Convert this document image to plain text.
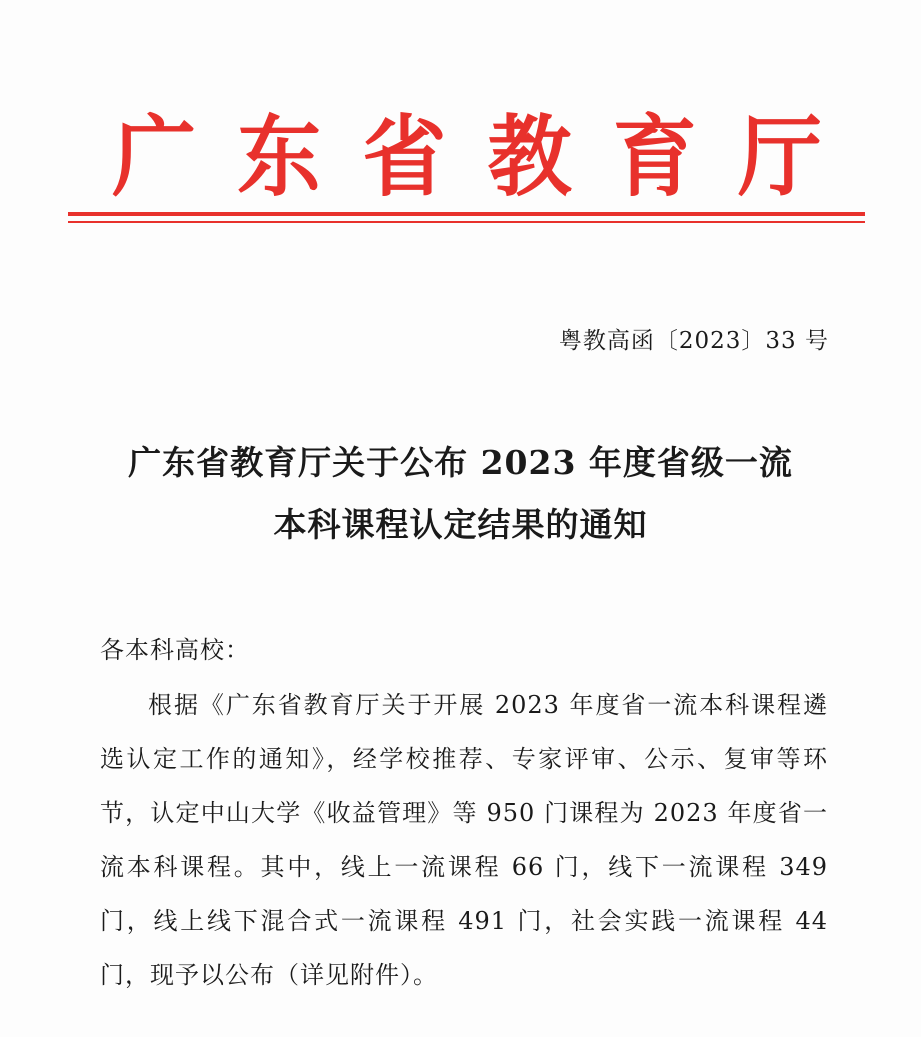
广 东 省 教 育 厅
粤教高函〔2023〕33 号
广东省教育厅关于公布 2023 年度省级一流
本科课程认定结果的通知
各本科高校：
根据《广东省教育厅关于开展 2023 年度省一流本科课程遴选认定工作的通知》，经学校推荐、专家评审、公示、复审等环节，认定中山大学《收益管理》等 950 门课程为 2023 年度省一流本科课程。其中，线上一流课程 66 门，线下一流课程 349 门，线上线下混合式一流课程 491 门，社会实践一流课程 44 门，现予以公布（详见附件）。
